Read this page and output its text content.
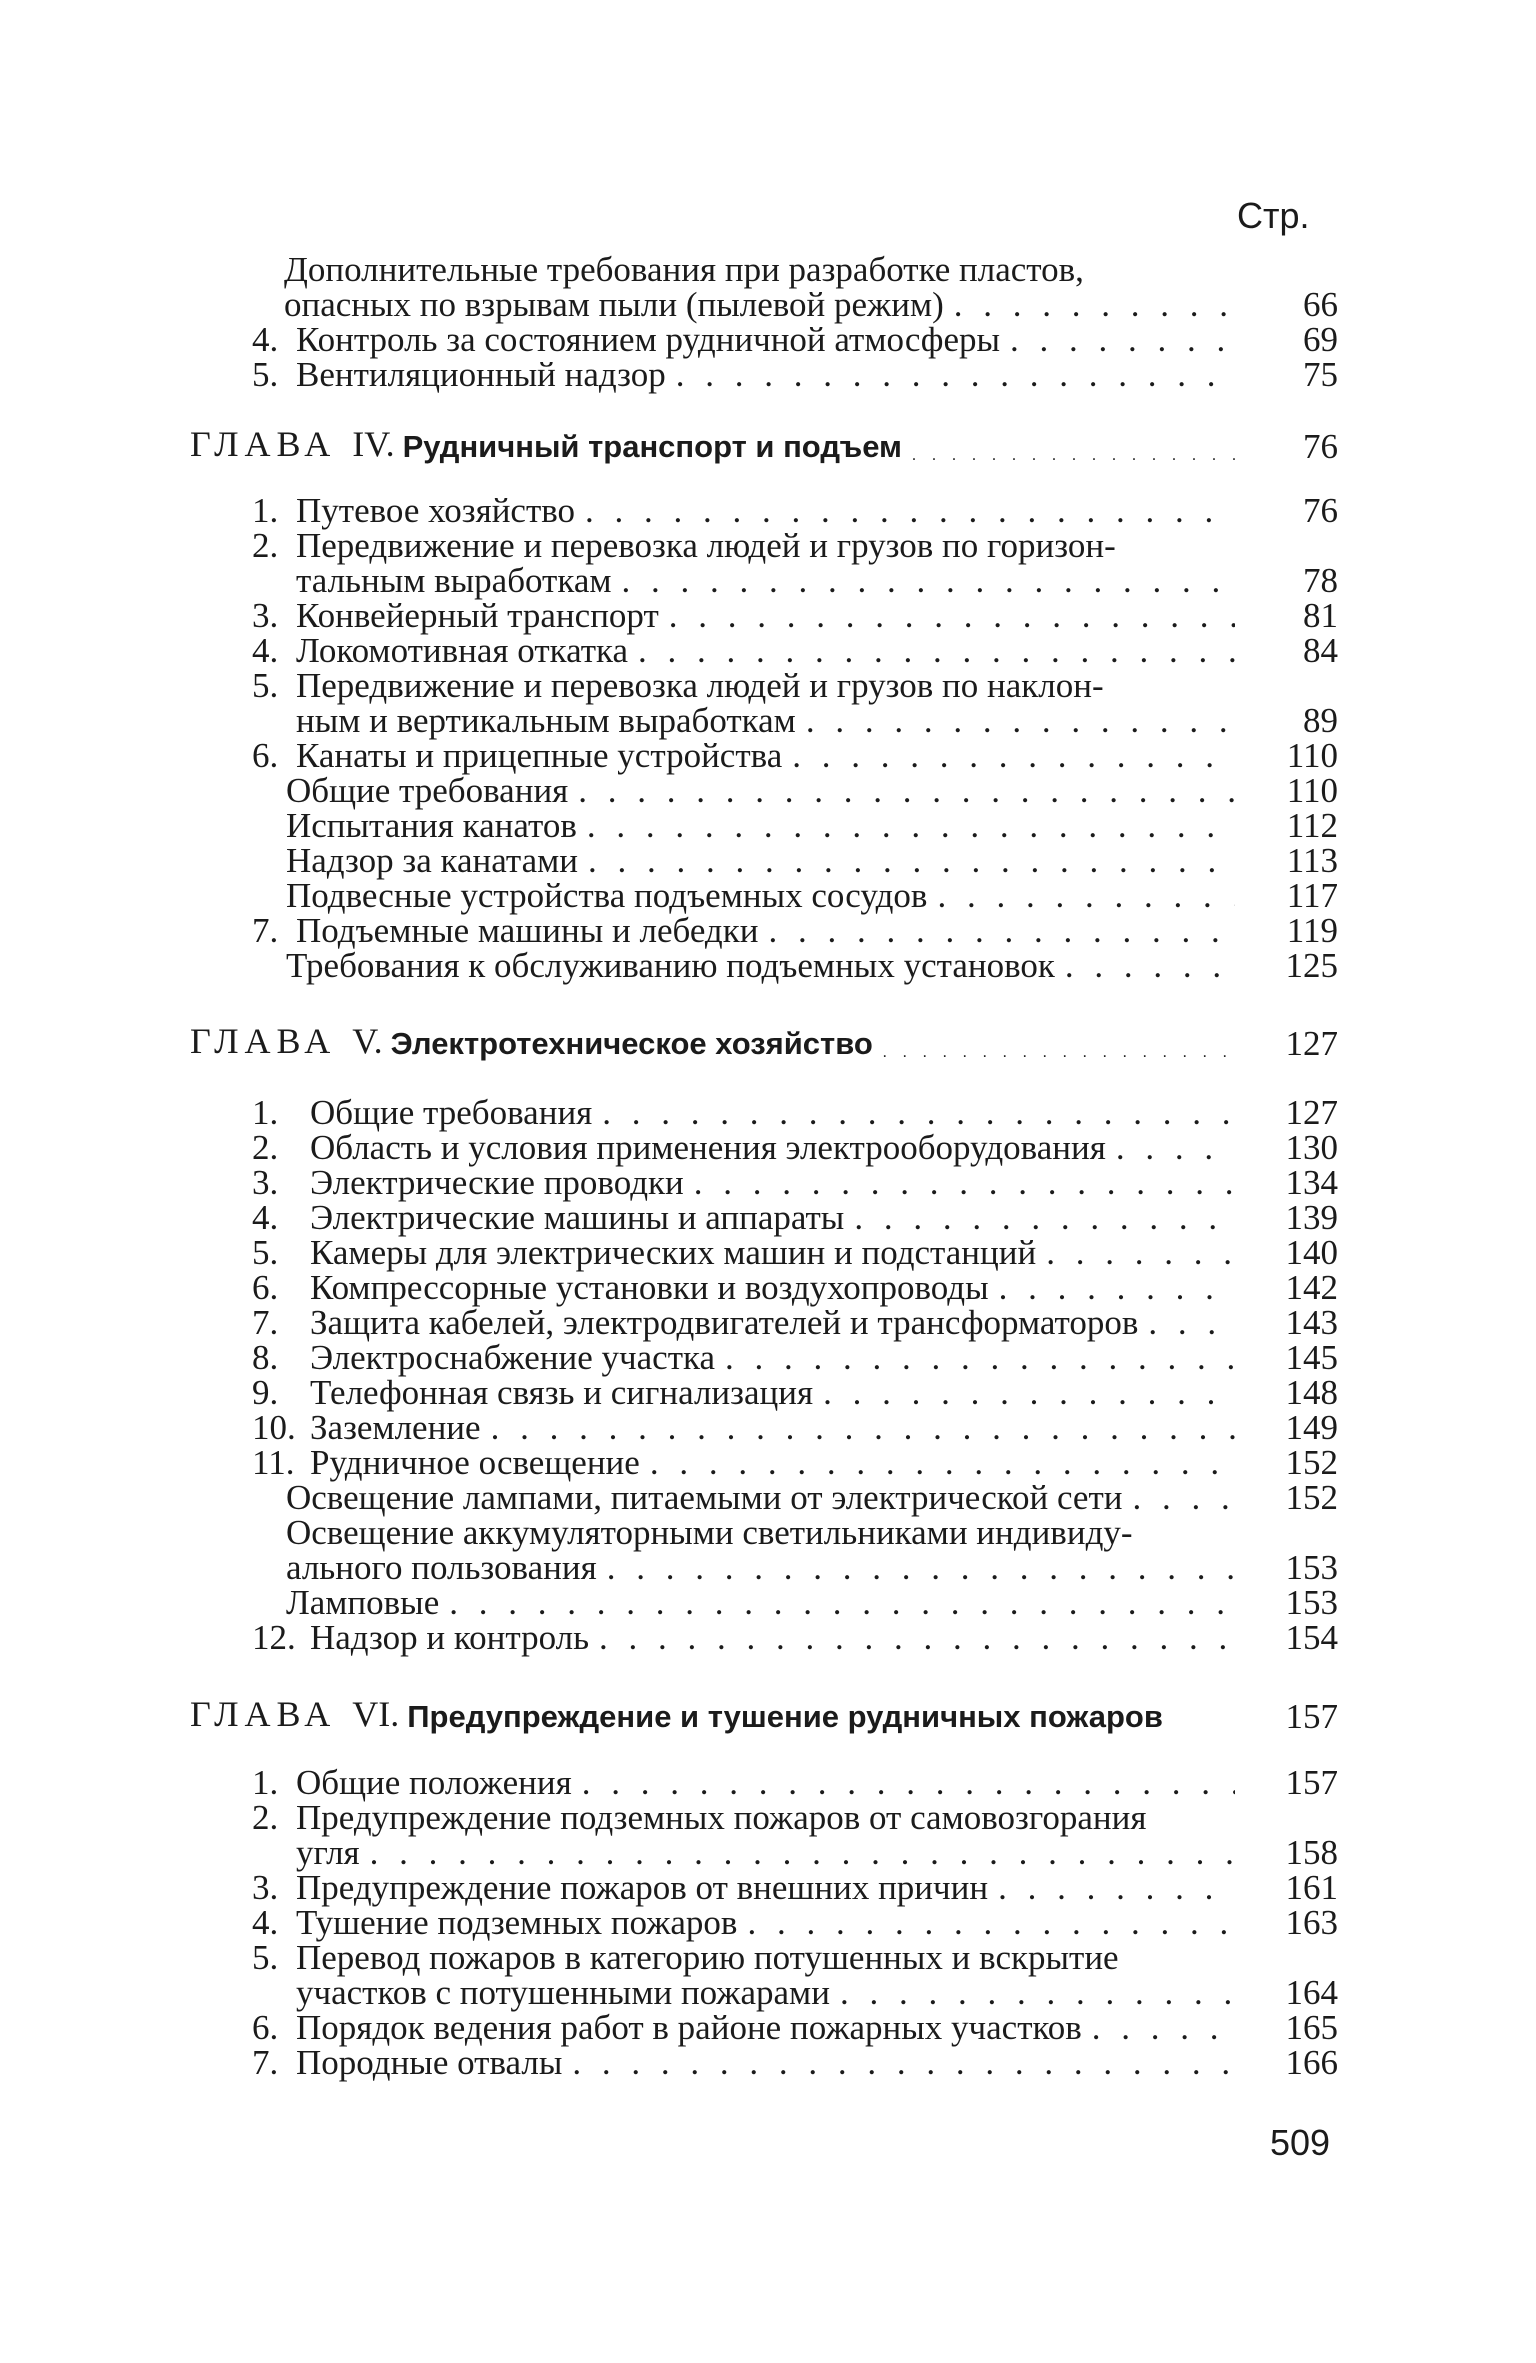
Стр.
Дополнительные требования при разработке пластов,
опасных по взрывам пыли (пылевой режим) . . .	66
4. Контроль за состоянием рудничной атмосферы . . .	69
5. Вентиляционный надзор . . .	75
ГЛАВА IV. Рудничный транспорт и подъем . . .	76
1. Путевое хозяйство . . .	76
2. Передвижение и перевозка людей и грузов по горизон-
тальным выработкам . . .	78
3. Конвейерный транспорт . . .	81
4. Локомотивная откатка . . .	84
5. Передвижение и перевозка людей и грузов по наклон-
ным и вертикальным выработкам . . .	89
6. Канаты и прицепные устройства . . .	110
Общие требования . . .	110
Испытания канатов . . .	112
Надзор за канатами . . .	113
Подвесные устройства подъемных сосудов . . .	117
7. Подъемные машины и лебедки . . .	119
Требования к обслуживанию подъемных установок . . .	125
ГЛАВА V. Электротехническое хозяйство . . .	127
1. Общие требования . . .	127
2. Область и условия применения электрооборудования . . .	130
3. Электрические проводки . . .	134
4. Электрические машины и аппараты . . .	139
5. Камеры для электрических машин и подстанций . . .	140
6. Компрессорные установки и воздухопроводы . . .	142
7. Защита кабелей, электродвигателей и трансформаторов . . .	143
8. Электроснабжение участка . . .	145
9. Телефонная связь и сигнализация . . .	148
10. Заземление . . .	149
11. Рудничное освещение . . .	152
Освещение лампами, питаемыми от электрической сети . . .	152
Освещение аккумуляторными светильниками индивиду-
ального пользования . . .	153
Ламповые . . .	153
12. Надзор и контроль . . .	154
ГЛАВА VI. Предупреждение и тушение рудничных пожаров	157
1. Общие положения . . .	157
2. Предупреждение подземных пожаров от самовозгорания
угля . . .	158
3. Предупреждение пожаров от внешних причин . . .	161
4. Тушение подземных пожаров . . .	163
5. Перевод пожаров в категорию потушенных и вскрытие
участков с потушенными пожарами . . .	164
6. Порядок ведения работ в районе пожарных участков . . .	165
7. Породные отвалы . . .	166
509
